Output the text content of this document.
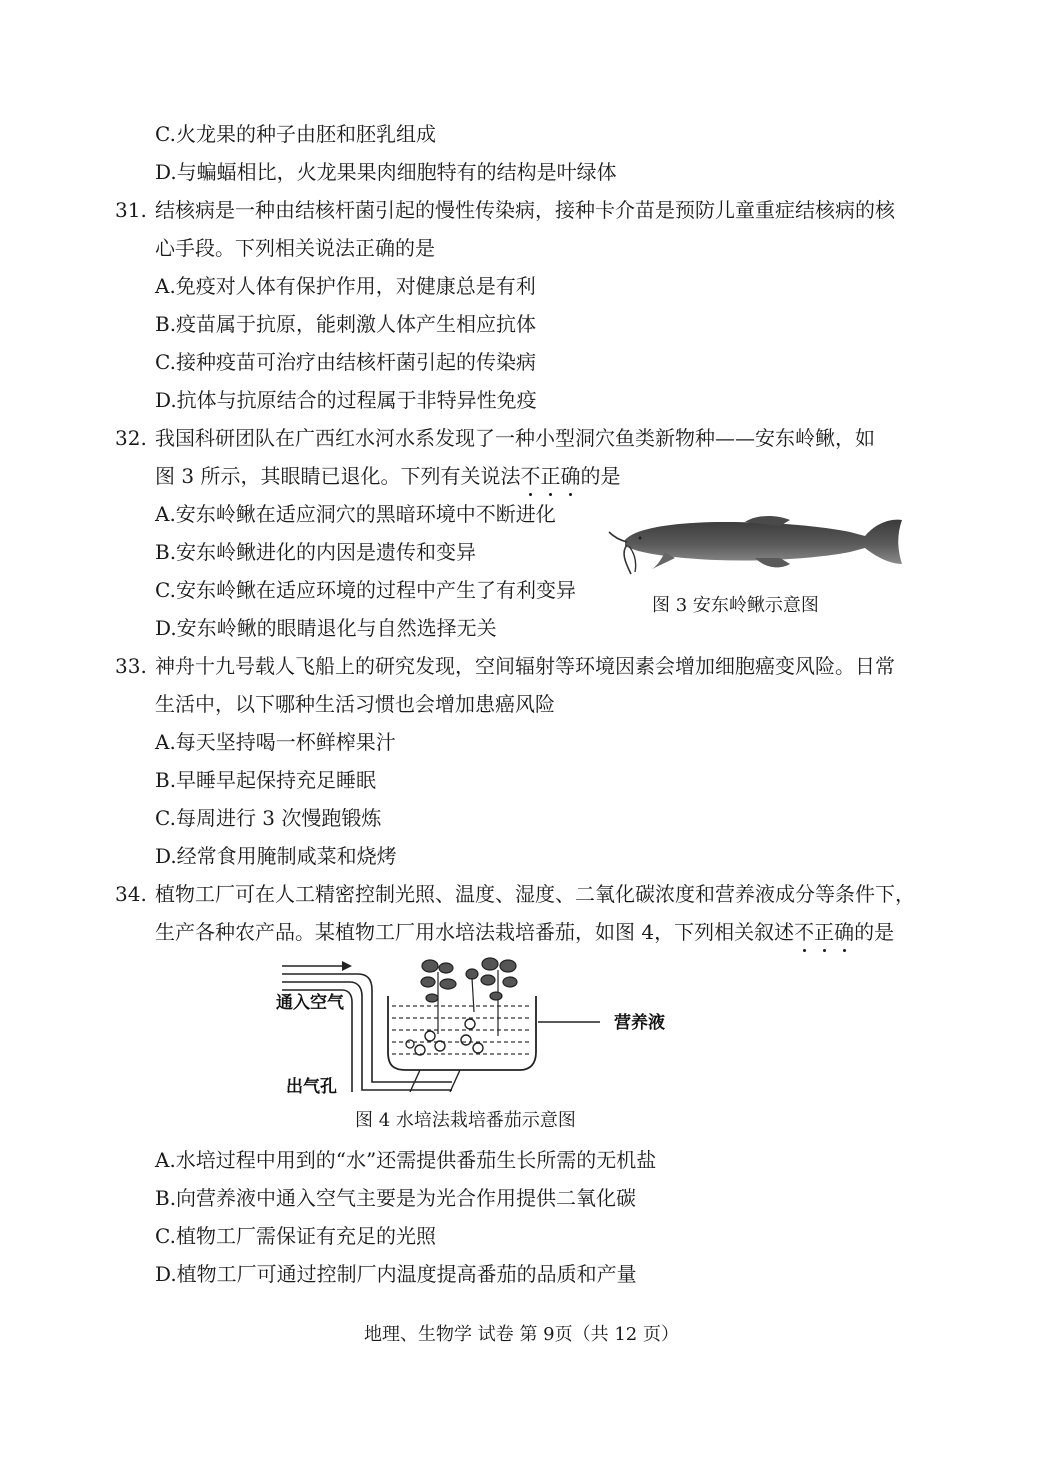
C.火龙果的种子由胚和胚乳组成
D.与蝙蝠相比，火龙果果肉细胞特有的结构是叶绿体
31. 结核病是一种由结核杆菌引起的慢性传染病，接种卡介苗是预防儿童重症结核病的核
心手段。下列相关说法正确的是
A.免疫对人体有保护作用，对健康总是有利
B.疫苗属于抗原，能刺激人体产生相应抗体
C.接种疫苗可治疗由结核杆菌引起的传染病
D.抗体与抗原结合的过程属于非特异性免疫
32. 我国科研团队在广西红水河水系发现了一种小型洞穴鱼类新物种——安东岭鳅，如
图 3 所示，其眼睛已退化。下列有关说法不正确的是
A.安东岭鳅在适应洞穴的黑暗环境中不断进化
B.安东岭鳅进化的内因是遗传和变异
C.安东岭鳅在适应环境的过程中产生了有利变异
D.安东岭鳅的眼睛退化与自然选择无关
图 3 安东岭鳅示意图
33. 神舟十九号载人飞船上的研究发现，空间辐射等环境因素会增加细胞癌变风险。日常
生活中，以下哪种生活习惯也会增加患癌风险
A.每天坚持喝一杯鲜榨果汁
B.早睡早起保持充足睡眠
C.每周进行 3 次慢跑锻炼
D.经常食用腌制咸菜和烧烤
34. 植物工厂可在人工精密控制光照、温度、湿度、二氧化碳浓度和营养液成分等条件下，
生产各种农产品。某植物工厂用水培法栽培番茄，如图 4，下列相关叙述不正确的是
通入空气
营养液
出气孔
图 4 水培法栽培番茄示意图
A.水培过程中用到的“水”还需提供番茄生长所需的无机盐
B.向营养液中通入空气主要是为光合作用提供二氧化碳
C.植物工厂需保证有充足的光照
D.植物工厂可通过控制厂内温度提高番茄的品质和产量
地理、生物学 试卷 第 9页（共 12 页）
